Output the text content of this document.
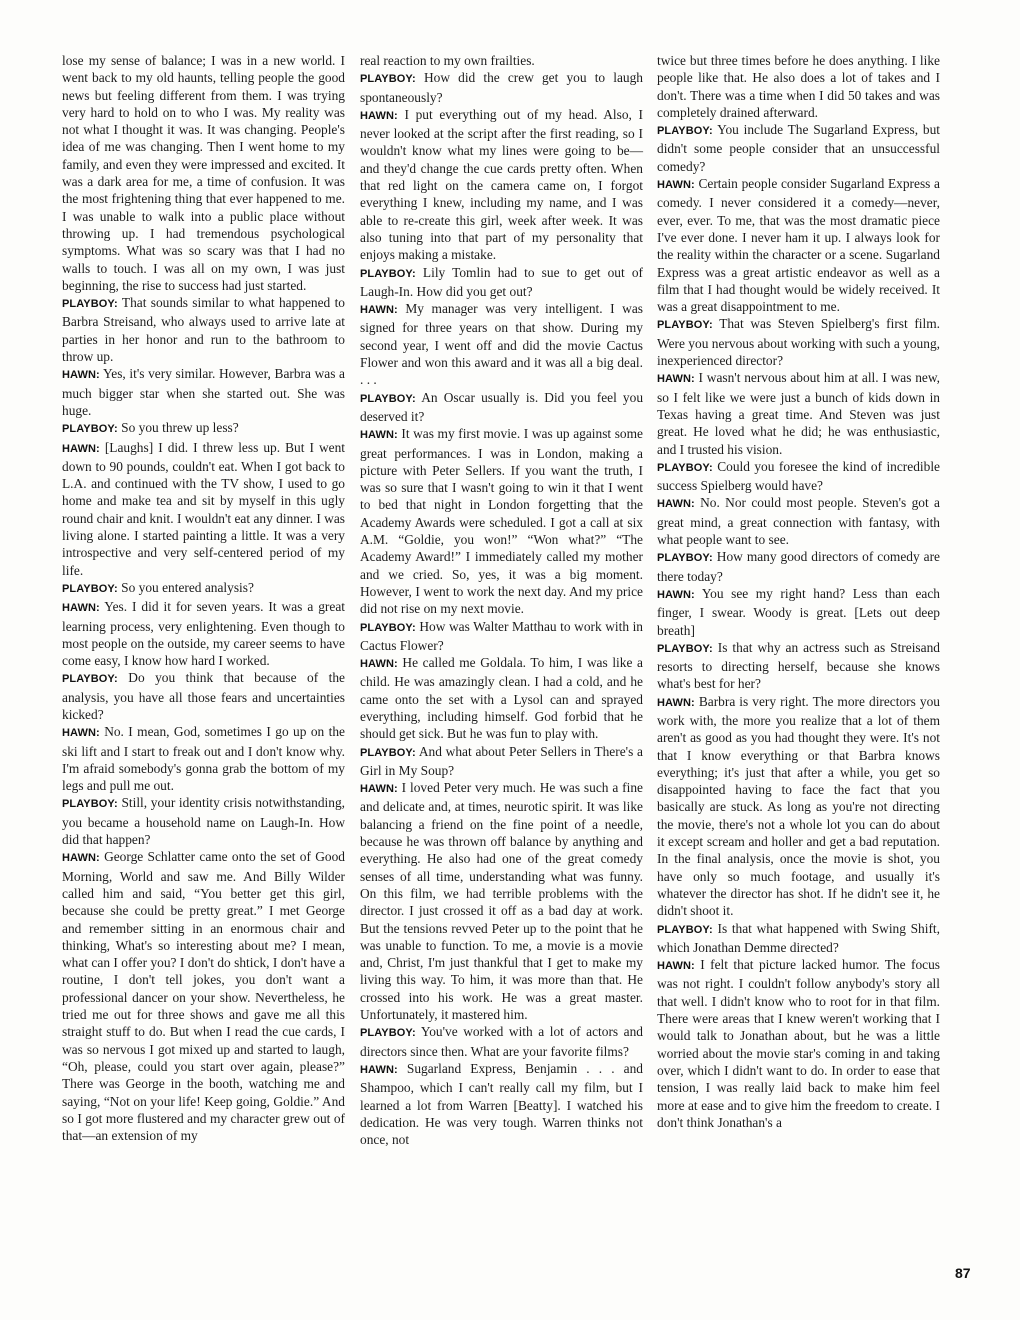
lose my sense of balance; I was in a new world. I went back to my old haunts, telling people the good news but feeling different from them. I was trying very hard to hold on to who I was. My reality was not what I thought it was. It was changing. People's idea of me was changing. Then I went home to my family, and even they were impressed and excited. It was a dark area for me, a time of confusion. It was the most frightening thing that ever happened to me. I was unable to walk into a public place without throwing up. I had tremendous psychological symptoms. What was so scary was that I had no walls to touch. I was all on my own, I was just beginning, the rise to success had just started.

PLAYBOY: That sounds similar to what happened to Barbra Streisand, who always used to arrive late at parties in her honor and run to the bathroom to throw up.

HAWN: Yes, it's very similar. However, Barbra was a much bigger star when she started out. She was huge.

PLAYBOY: So you threw up less?

HAWN: [Laughs] I did. I threw less up. But I went down to 90 pounds, couldn't eat. When I got back to L.A. and continued with the TV show, I used to go home and make tea and sit by myself in this ugly round chair and knit. I wouldn't eat any dinner. I was living alone. I started painting a little. It was a very introspective and very self-centered period of my life.

PLAYBOY: So you entered analysis?

HAWN: Yes. I did it for seven years. It was a great learning process, very enlightening. Even though to most people on the outside, my career seems to have come easy, I know how hard I worked.

PLAYBOY: Do you think that because of the analysis, you have all those fears and uncertainties kicked?

HAWN: No. I mean, God, sometimes I go up on the ski lift and I start to freak out and I don't know why. I'm afraid somebody's gonna grab the bottom of my legs and pull me out.

PLAYBOY: Still, your identity crisis notwithstanding, you became a household name on Laugh-In. How did that happen?

HAWN: George Schlatter came onto the set of Good Morning, World and saw me. And Billy Wilder called him and said, “You better get this girl, because she could be pretty great.” I met George and remember sitting in an enormous chair and thinking, What's so interesting about me? I mean, what can I offer you? I don't do shtick, I don't have a routine, I don't tell jokes, you don't want a professional dancer on your show. Nevertheless, he tried me out for three shows and gave me all this straight stuff to do. But when I read the cue cards, I was so nervous I got mixed up and started to laugh, “Oh, please, could you start over again, please?” There was George in the booth, watching me and saying, “Not on your life! Keep going, Goldie.” And so I got more flustered and my character grew out of that—an extension of my

real reaction to my own frailties.

PLAYBOY: How did the crew get you to laugh spontaneously?

HAWN: I put everything out of my head. Also, I never looked at the script after the first reading, so I wouldn't know what my lines were going to be—and they'd change the cue cards pretty often. When that red light on the camera came on, I forgot everything I knew, including my name, and I was able to re-create this girl, week after week. It was also tuning into that part of my personality that enjoys making a mistake.

PLAYBOY: Lily Tomlin had to sue to get out of Laugh-In. How did you get out?

HAWN: My manager was very intelligent. I was signed for three years on that show. During my second year, I went off and did the movie Cactus Flower and won this award and it was all a big deal. . . .

PLAYBOY: An Oscar usually is. Did you feel you deserved it?

HAWN: It was my first movie. I was up against some great performances. I was in London, making a picture with Peter Sellers. If you want the truth, I was so sure that I wasn't going to win it that I went to bed that night in London forgetting that the Academy Awards were scheduled. I got a call at six A.M. “Goldie, you won!” “Won what?” “The Academy Award!” I immediately called my mother and we cried. So, yes, it was a big moment. However, I went to work the next day. And my price did not rise on my next movie.

PLAYBOY: How was Walter Matthau to work with in Cactus Flower?

HAWN: He called me Goldala. To him, I was like a child. He was amazingly clean. I had a cold, and he came onto the set with a Lysol can and sprayed everything, including himself. God forbid that he should get sick. But he was fun to play with.

PLAYBOY: And what about Peter Sellers in There's a Girl in My Soup?

HAWN: I loved Peter very much. He was such a fine and delicate and, at times, neurotic spirit. It was like balancing a friend on the fine point of a needle, because he was thrown off balance by anything and everything. He also had one of the great comedy senses of all time, understanding what was funny. On this film, we had terrible problems with the director. I just crossed it off as a bad day at work. But the tensions revved Peter up to the point that he was unable to function. To me, a movie is a movie and, Christ, I'm just thankful that I get to make my living this way. To him, it was more than that. He crossed into his work. He was a great master. Unfortunately, it mastered him.

PLAYBOY: You've worked with a lot of actors and directors since then. What are your favorite films?

HAWN: Sugarland Express, Benjamin . . . and Shampoo, which I can't really call my film, but I learned a lot from Warren [Beatty]. I watched his dedication. He was very tough. Warren thinks not once, not

twice but three times before he does anything. I like people like that. He also does a lot of takes and I don't. There was a time when I did 50 takes and was completely drained afterward.

PLAYBOY: You include The Sugarland Express, but didn't some people consider that an unsuccessful comedy?

HAWN: Certain people consider Sugarland Express a comedy. I never considered it a comedy—never, ever, ever. To me, that was the most dramatic piece I've ever done. I never ham it up. I always look for the reality within the character or a scene. Sugarland Express was a great artistic endeavor as well as a film that I had thought would be widely received. It was a great disappointment to me.

PLAYBOY: That was Steven Spielberg's first film. Were you nervous about working with such a young, inexperienced director?

HAWN: I wasn't nervous about him at all. I was new, so I felt like we were just a bunch of kids down in Texas having a great time. And Steven was just great. He loved what he did; he was enthusiastic, and I trusted his vision.

PLAYBOY: Could you foresee the kind of incredible success Spielberg would have?

HAWN: No. Nor could most people. Steven's got a great mind, a great connection with fantasy, with what people want to see.

PLAYBOY: How many good directors of comedy are there today?

HAWN: You see my right hand? Less than each finger, I swear. Woody is great. [Lets out deep breath]

PLAYBOY: Is that why an actress such as Streisand resorts to directing herself, because she knows what's best for her?

HAWN: Barbra is very right. The more directors you work with, the more you realize that a lot of them aren't as good as you had thought they were. It's not that I know everything or that Barbra knows everything; it's just that after a while, you get so disappointed having to face the fact that you basically are stuck. As long as you're not directing the movie, there's not a whole lot you can do about it except scream and holler and get a bad reputation. In the final analysis, once the movie is shot, you have only so much footage, and usually it's whatever the director has shot. If he didn't see it, he didn't shoot it.

PLAYBOY: Is that what happened with Swing Shift, which Jonathan Demme directed?

HAWN: I felt that picture lacked humor. The focus was not right. I couldn't follow anybody's story all that well. I didn't know who to root for in that film. There were areas that I knew weren't working that I would talk to Jonathan about, but he was a little worried about the movie star's coming in and taking over, which I didn't want to do. In order to ease that tension, I was really laid back to make him feel more at ease and to give him the freedom to create. I don't think Jonathan's a

87
